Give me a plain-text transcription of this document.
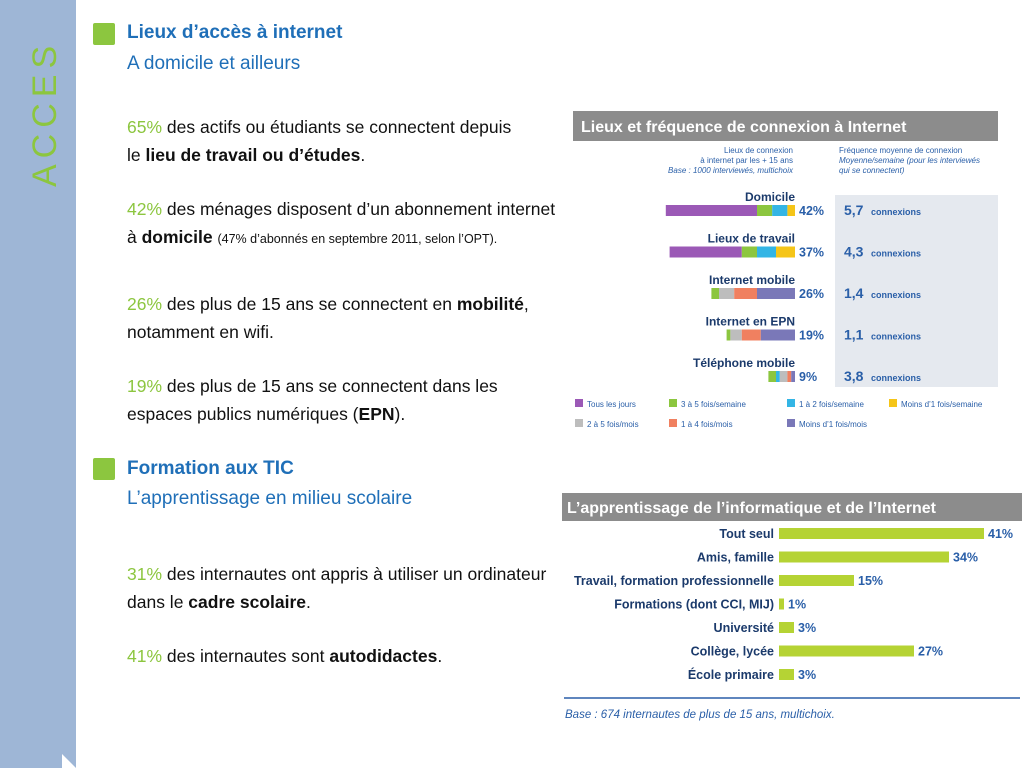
ACCES
Lieux d’accès à internet
A domicile et ailleurs
65% des actifs ou étudiants se connectent depuis le lieu de travail ou d’études.
42% des ménages disposent d’un abonnement internet à domicile (47% d’abonnés en septembre 2011, selon l’OPT).
26% des plus de 15 ans se connectent en mobilité, notamment en wifi.
19% des plus de 15 ans se connectent dans les espaces publics numériques (EPN).
Formation aux TIC
L’apprentissage en milieu scolaire
31% des internautes ont appris à utiliser un ordinateur dans le cadre scolaire.
41% des internautes sont autodidactes.
Lieux et fréquence de connexion à Internet
Lieux de connexion
à internet par les + 15 ans
Base : 1000 interviewés, multichoix
Fréquence moyenne de connexion
Moyenne/semaine (pour les interviewés
qui se connectent)
Domicile
42% 5,7 connexions
Lieux de travail
37% 4,3 connexions
Internet mobile
26% 1,4 connexions
Internet en EPN
19% 1,1 connexions
Téléphone mobile
9% 3,8 connexions
Tous les jours	3 à 5 fois/semaine	1 à 2 fois/semaine	Moins d’1 fois/semaine
2 à 5 fois/mois	1 à 4 fois/mois	Moins d’1 fois/mois
L’apprentissage de l’informatique et de l’Internet
Tout seul	41%
Amis, famille	34%
Travail, formation professionnelle	15%
Formations (dont CCI, MIJ) 1%
Université 3%
Collège, lycée	27%
École primaire 3%
Base : 674 internautes de plus de 15 ans, multichoix.
